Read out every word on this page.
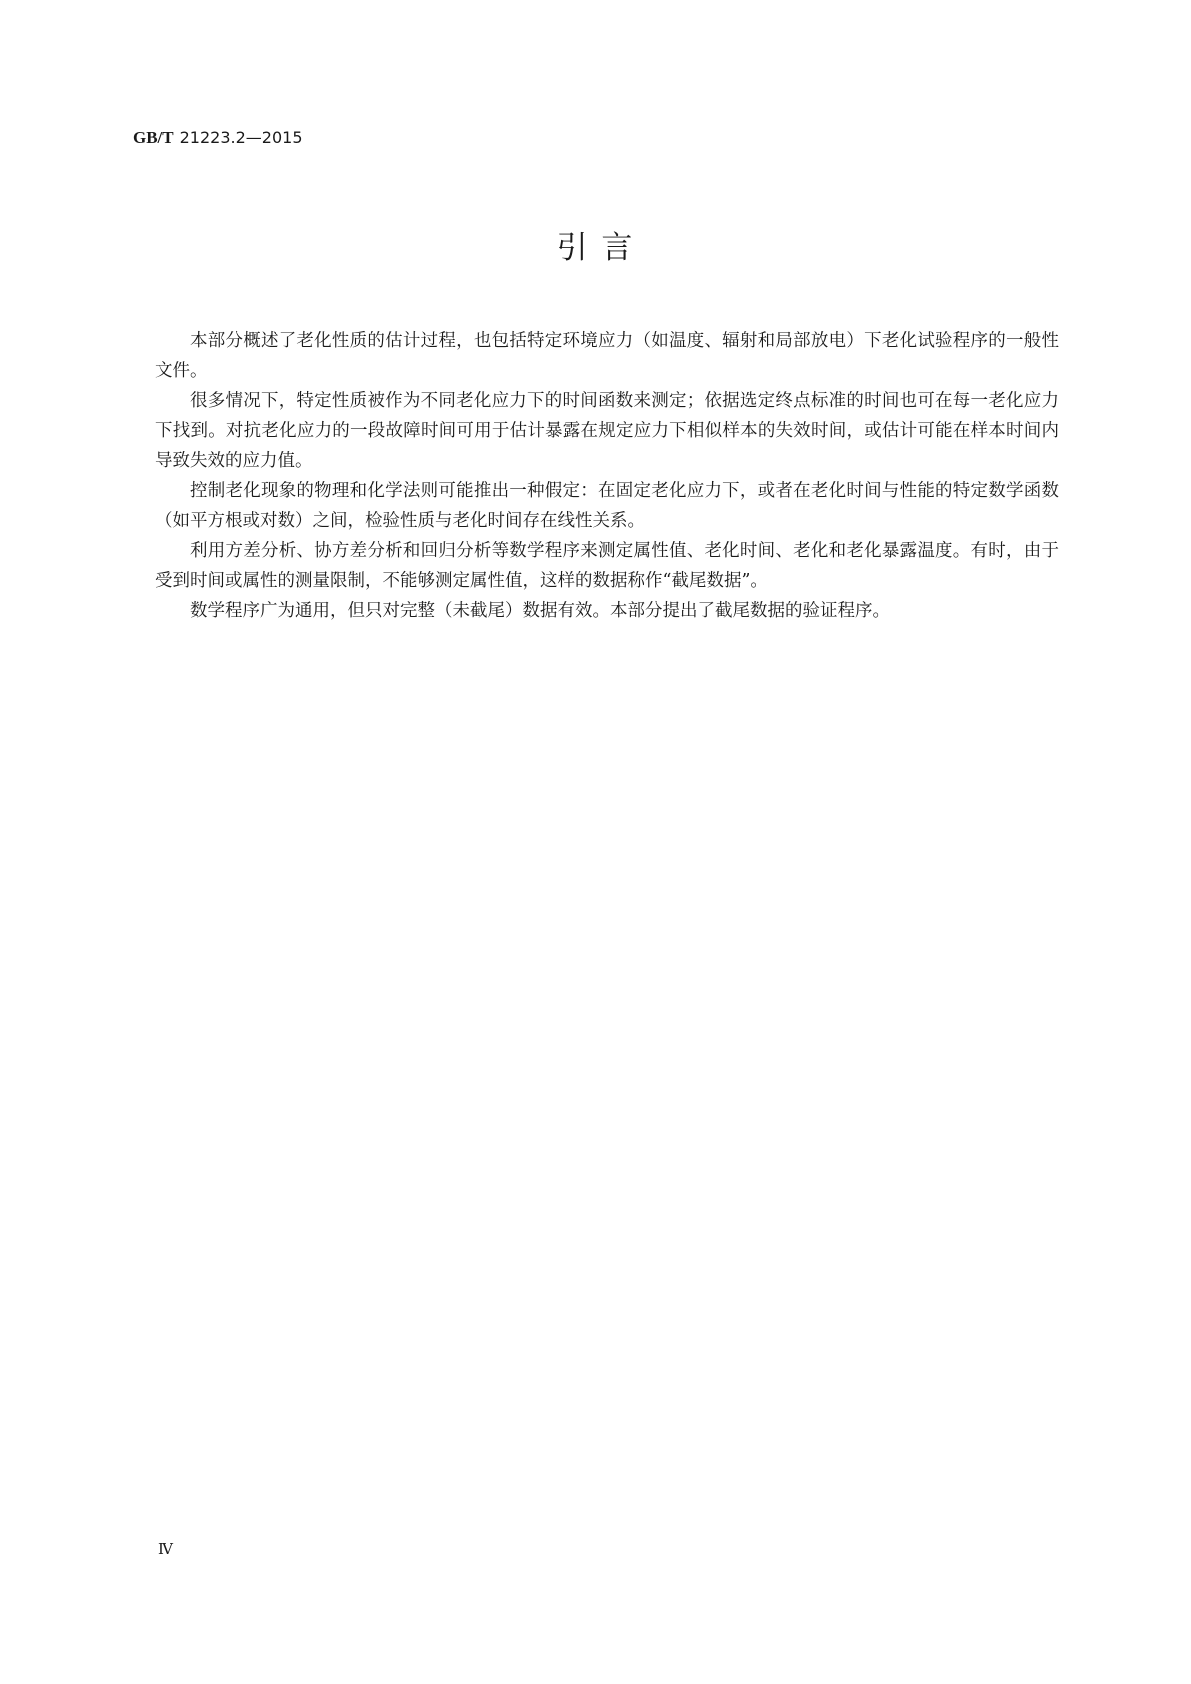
GB/T 21223.2—2015
引 言

本部分概述了老化性质的估计过程，也包括特定环境应力（如温度、辐射和局部放电）下老化试验程序的一般性文件。

很多情况下，特定性质被作为不同老化应力下的时间函数来测定；依据选定终点标准的时间也可在每一老化应力下找到。对抗老化应力的一段故障时间可用于估计暴露在规定应力下相似样本的失效时间，或估计可能在样本时间内导致失效的应力值。

控制老化现象的物理和化学法则可能推出一种假定：在固定老化应力下，或者在老化时间与性能的特定数学函数（如平方根或对数）之间，检验性质与老化时间存在线性关系。

利用方差分析、协方差分析和回归分析等数学程序来测定属性值、老化时间、老化和老化暴露温度。有时，由于受到时间或属性的测量限制，不能够测定属性值，这样的数据称作“截尾数据”。

数学程序广为通用，但只对完整（未截尾）数据有效。本部分提出了截尾数据的验证程序。

Ⅳ
